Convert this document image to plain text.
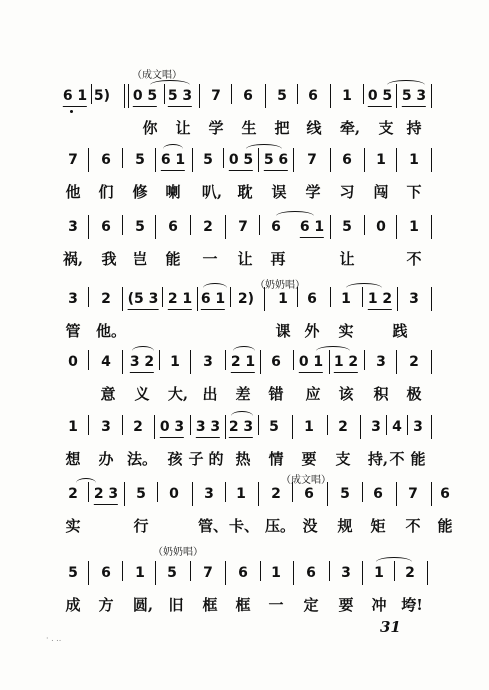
（成文唱）
6 1 5) 0 5 5 3 7 6 5 6 1 0 5 5 3
你 让 学 生 把 线 牵, 支 持
7 6 5 6 1 5 0 5 5 6 7 6 1 1
他 们 修 喇 叭, 耽 误 学 习 闯 下
3 6 5 6 2 7 6 6 1 5 0 1
祸, 我 岂 能 一 让 再	让	不
（奶奶唱）
3 2 (5 3 2 1 6 1 2) 1 6 1 1 2 3
管 他。	课 外 实	践
0 4 3 2 1 3 2 1 6 0 1 1 2 3 2
意 义 大, 出 差 错 应 该 积 极
1 3 2 0 3 3 3 2 3 5 1 2 3 4 3
想 办 法。 孩 子 的 热 情 要 支 持, 不 能
（成文唱）
2 2 3 5 0 3 1 2 6 5 6 7 6
实	行	管、 卡、 压。 没 规 矩 不 能
（奶奶唱）
5 6 1 5 7 6 1 6 3 1 2
成 方 圆, 旧 框 框 一 定 要 冲 垮!
31
· . ..
